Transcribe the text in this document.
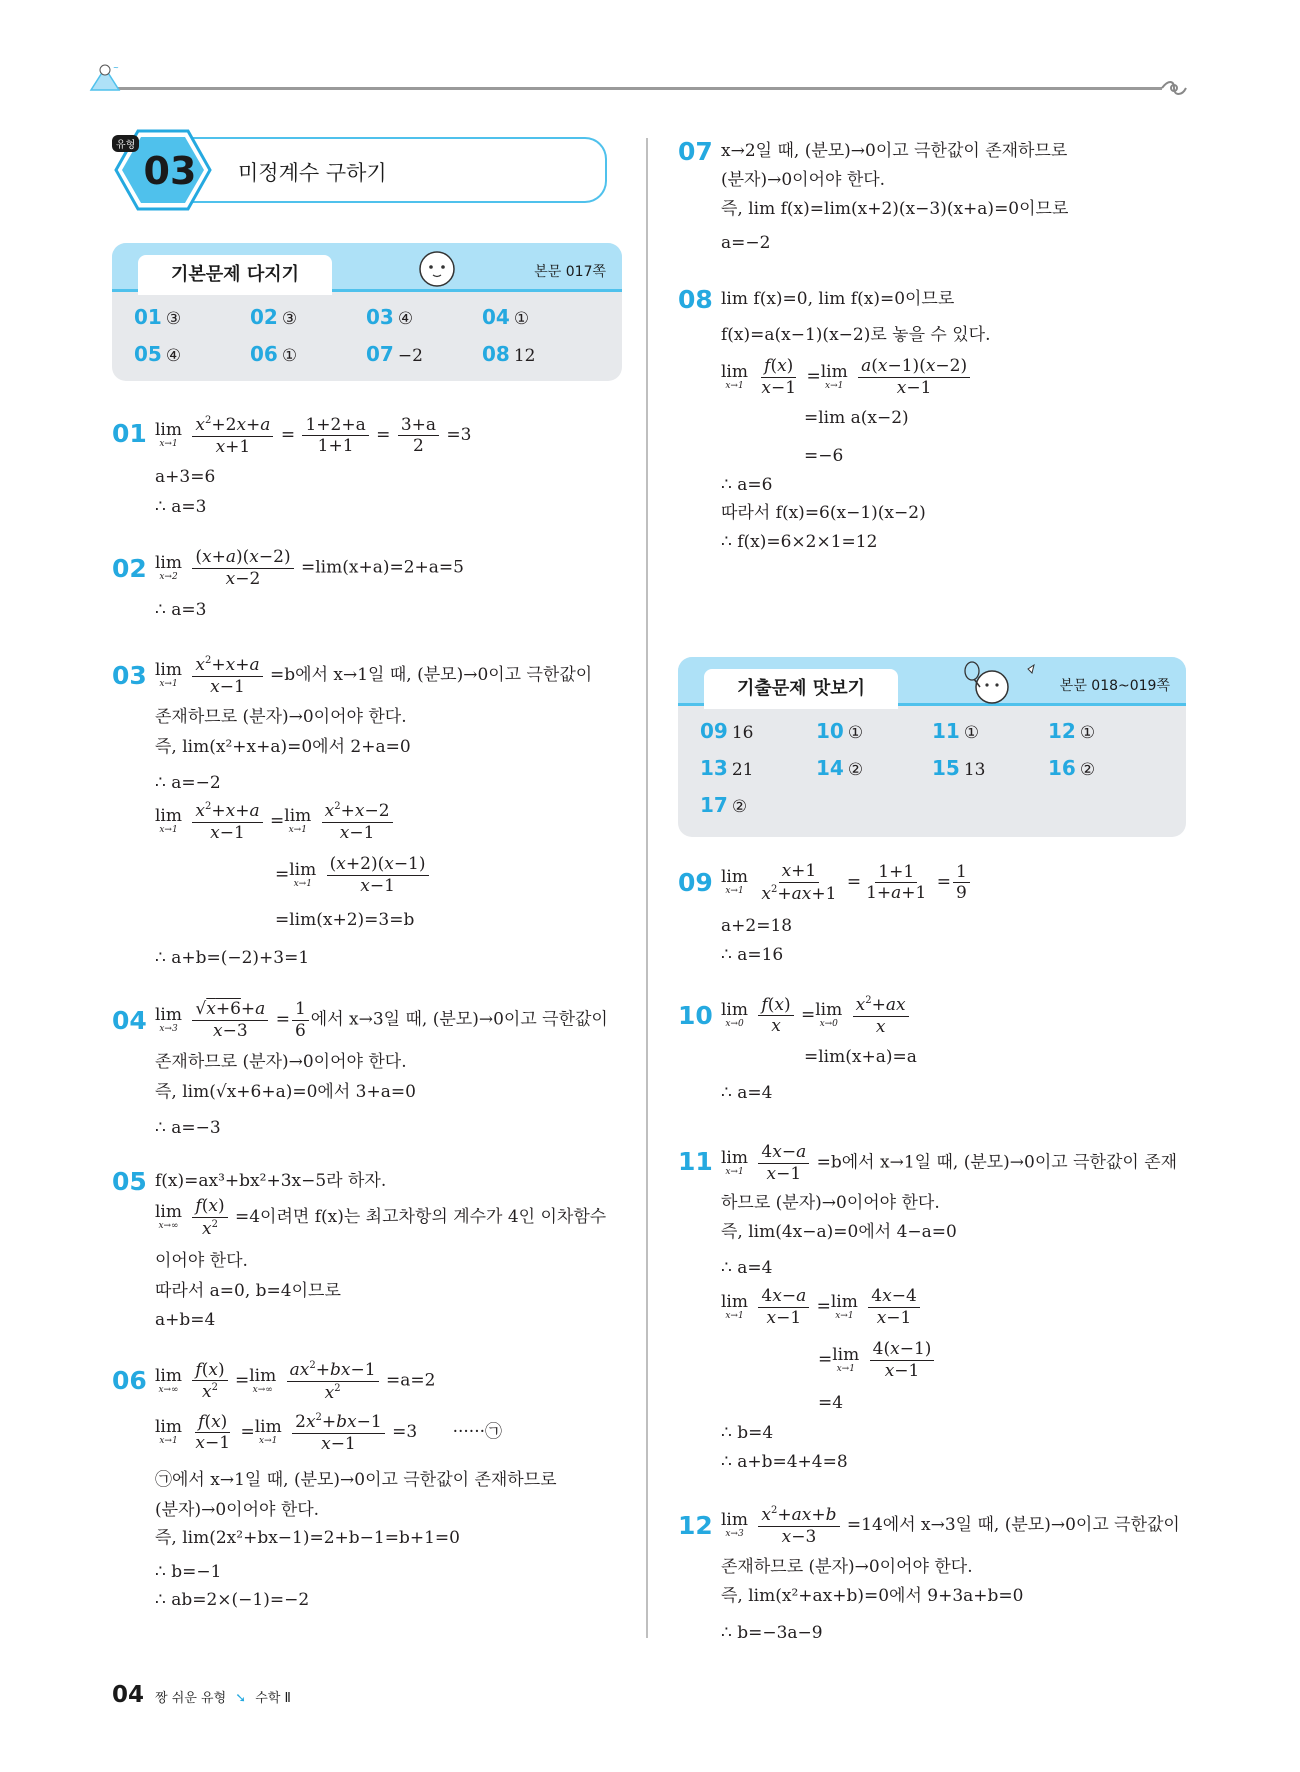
~
유형
03 미정계수 구하기
기본문제 다지기	본문 017쪽
01 ③	02 ③	03 ④	04 ①
05 ④	06 ①	07 −2	08 12
기출문제 맛보기	본문 018~019쪽
09 16	10 ①	11 ①	12 ①
13 21	14 ②	15 13	16 ②
17 ②
01 lim
x→1
$\frac{x^2+2x+a}{x+1} = \frac{1+2+a}{1+1} = \frac{3+a}{2} =3$
a+3=6
∴ a=3
02 lim
x→2
$\frac{(x+a)(x-2)}{x-2} =\lim(x+a)=2+a=5$
∴ a=3
03 lim
x→1
$\frac{x^2+x+a}{x-1} =b$에서 x→1일 때, (분모)→0이고 극한값이
존재하므로 (분자)→0이어야 한다.
즉, lim(x²+x+a)=0에서 2+a=0
∴ a=−2
lim
x→1
$\frac{x^2+x+a}{x-1} = \lim$
x→1
$\frac{x^2+x-2}{x-1}$
= lim
x→1
$\frac{(x+2)(x-1)}{x-1}$
=lim(x+2)=3=b
∴ a+b=(−2)+3=1
04 lim
x→3
$\frac{√x+6+a}{x-3} = \frac{1}{6}$ 에서 x→3일 때, (분모)→0이고 극한값이
존재하므로 (분자)→0이어야 한다.
즉, lim(√x+6+a)=0에서 3+a=0
∴ a=−3
05 f(x)=ax³+bx²+3x−5라 하자.
lim
x→∞
$\frac{f(x)}{x^2} =4$이려면 f(x)는 최고차항의 계수가 4인 이차함수
이어야 한다.
따라서 a=0, b=4이므로
a+b=4
06 lim
x→∞
$\frac{f(x)}{x^2} = \lim$
x→∞
$\frac{ax^2+bx-1}{x^2} =a=2$
lim
x→1
$\frac{f(x)}{x-1} = \lim$
x→1
$\frac{2x^2+bx-1}{x-1} =3$ ······㉠
㉠에서 x→1일 때, (분모)→0이고 극한값이 존재하므로
(분자)→0이어야 한다.
즉, lim(2x²+bx−1)=2+b−1=b+1=0
∴ b=−1
∴ ab=2×(−1)=−2
07 x→2일 때, (분모)→0이고 극한값이 존재하므로
(분자)→0이어야 한다.
즉, lim f(x)=lim(x+2)(x−3)(x+a)=0이므로
a=−2
08 lim f(x)=0, lim f(x)=0이므로
f(x)=a(x−1)(x−2)로 놓을 수 있다.
lim
x→1
$\frac{f(x)}{x-1} = \lim$
x→1
$\frac{a(x-1)(x-2)}{x-1}$
=lim a(x−2)
=−6
∴ a=6
따라서 f(x)=6(x−1)(x−2)
∴ f(x)=6×2×1=12
09 lim
x→1
$\frac{x+1}{x^2+ax+1} = \frac{1+1}{1+a+1} = \frac{1}{9}$
a+2=18
∴ a=16
10 lim
x→0
$\frac{f(x)}{x} = \lim$
x→0
$\frac{x^2+ax}{x}$
=lim(x+a)=a
∴ a=4
11 lim
x→1
$\frac{4x-a}{x-1} =b$에서 x→1일 때, (분모)→0이고 극한값이 존재
하므로 (분자)→0이어야 한다.
즉, lim(4x−a)=0에서 4−a=0
∴ a=4
lim
x→1
$\frac{4x-a}{x-1} = \lim$
x→1
$\frac{4x-4}{x-1}$
= lim
x→1
$\frac{4(x-1)}{x-1}$
=4
∴ b=4
∴ a+b=4+4=8
12 lim
x→3
$\frac{x^2+ax+b}{x-3} =14$에서 x→3일 때, (분모)→0이고 극한값이
존재하므로 (분자)→0이어야 한다.
즉, lim(x²+ax+b)=0에서 9+3a+b=0
∴ b=−3a−9
04 짱 쉬운 유형 ➘ 수학 Ⅱ
